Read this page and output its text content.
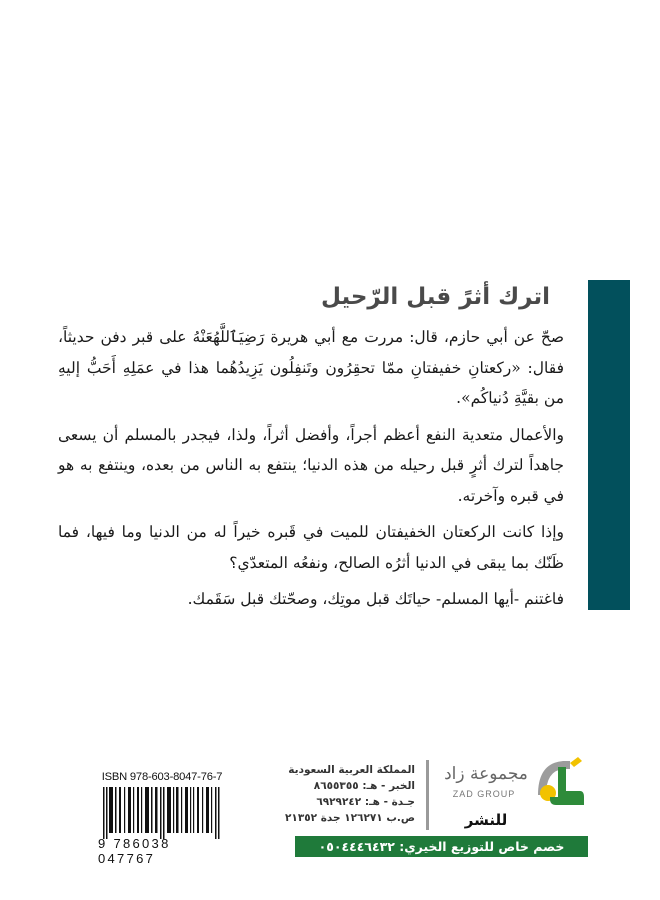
اترك أثرً قبل الرّحيل

صحّ عن أبي حازم، قال: مررت مع أبي هريرة رَضِيَٱللَّهُعَنْهُ على قبر دفن حديثاً، فقال: «ركعتانِ خفيفتانِ ممّا تحقِرُون وتَنفِلُون يَزِيدُهُما هذا في عمَلِهِ أَحَبُّ إليهِ من بقيَّةِ دُنياكُم».

والأعمال متعدية النفع أعظم أجراً، وأفضل أثراً، ولذا، فيجدر بالمسلم أن يسعى جاهداً لترك أثرٍ قبل رحيله من هذه الدنيا؛ ينتفع به الناس من بعده، وينتفع به هو في قبره وآخرته.

وإذا كانت الركعتان الخفيفتان للميت في قَبره خيراً له من الدنيا وما فيها، فما ظَنّك بما يبقى في الدنيا أثرُه الصالح، ونفعُه المتعدّي؟

فاغتنم -أيها المسلم- حياتَك قبل موتِك، وصحّتك قبل سَقَمك.

مجموعة زاد
ZAD GROUP
للنشر
المملكة العربية السعودية
الخبر - هـ: ٨٦٥٥٣٥٥
جـدة - هـ: ٦٩٢٩٢٤٢
ص.ب ١٢٦٢٧١ جدة ٢١٣٥٢
خصم خاص للتوزيع الخيري: ٠٥٠٤٤٤٦٤٣٢
ISBN 978-603-8047-76-7
9 786038 047767
